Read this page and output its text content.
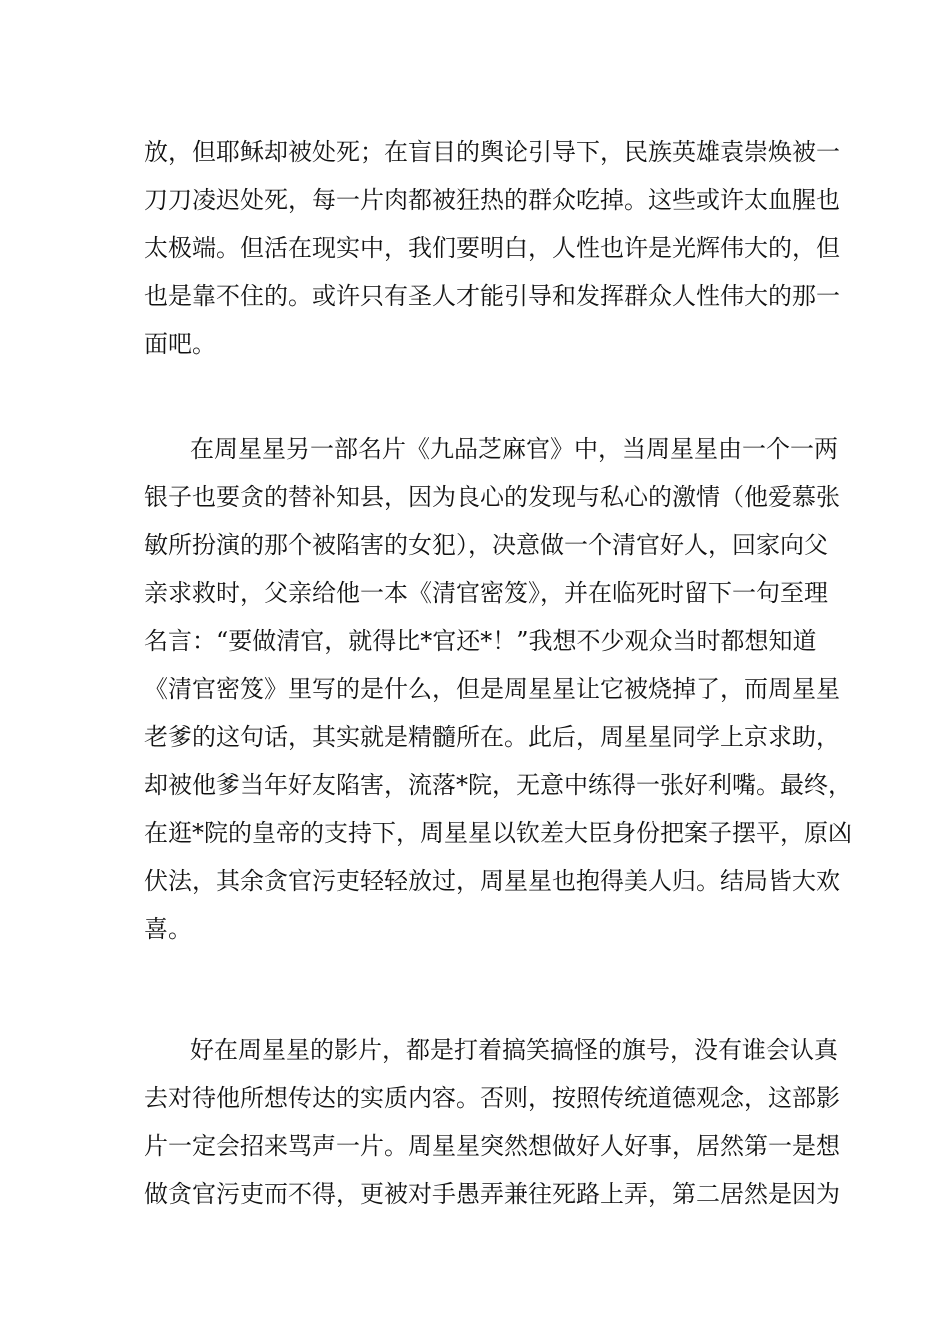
放，但耶稣却被处死；在盲目的舆论引导下，民族英雄袁崇焕被一
刀刀凌迟处死，每一片肉都被狂热的群众吃掉。这些或许太血腥也
太极端。但活在现实中，我们要明白，人性也许是光辉伟大的，但
也是靠不住的。或许只有圣人才能引导和发挥群众人性伟大的那一
面吧。
在周星星另一部名片《九品芝麻官》中，当周星星由一个一两
银子也要贪的替补知县，因为良心的发现与私心的激情（他爱慕张
敏所扮演的那个被陷害的女犯），决意做一个清官好人，回家向父
亲求救时，父亲给他一本《清官密笈》，并在临死时留下一句至理
名言：“要做清官，就得比*官还*！”我想不少观众当时都想知道
《清官密笈》里写的是什么，但是周星星让它被烧掉了，而周星星
老爹的这句话，其实就是精髓所在。此后，周星星同学上京求助，
却被他爹当年好友陷害，流落*院，无意中练得一张好利嘴。最终，
在逛*院的皇帝的支持下，周星星以钦差大臣身份把案子摆平，原凶
伏法，其余贪官污吏轻轻放过，周星星也抱得美人归。结局皆大欢
喜。
好在周星星的影片，都是打着搞笑搞怪的旗号，没有谁会认真
去对待他所想传达的实质内容。否则，按照传统道德观念，这部影
片一定会招来骂声一片。周星星突然想做好人好事，居然第一是想
做贪官污吏而不得，更被对手愚弄兼往死路上弄，第二居然是因为
